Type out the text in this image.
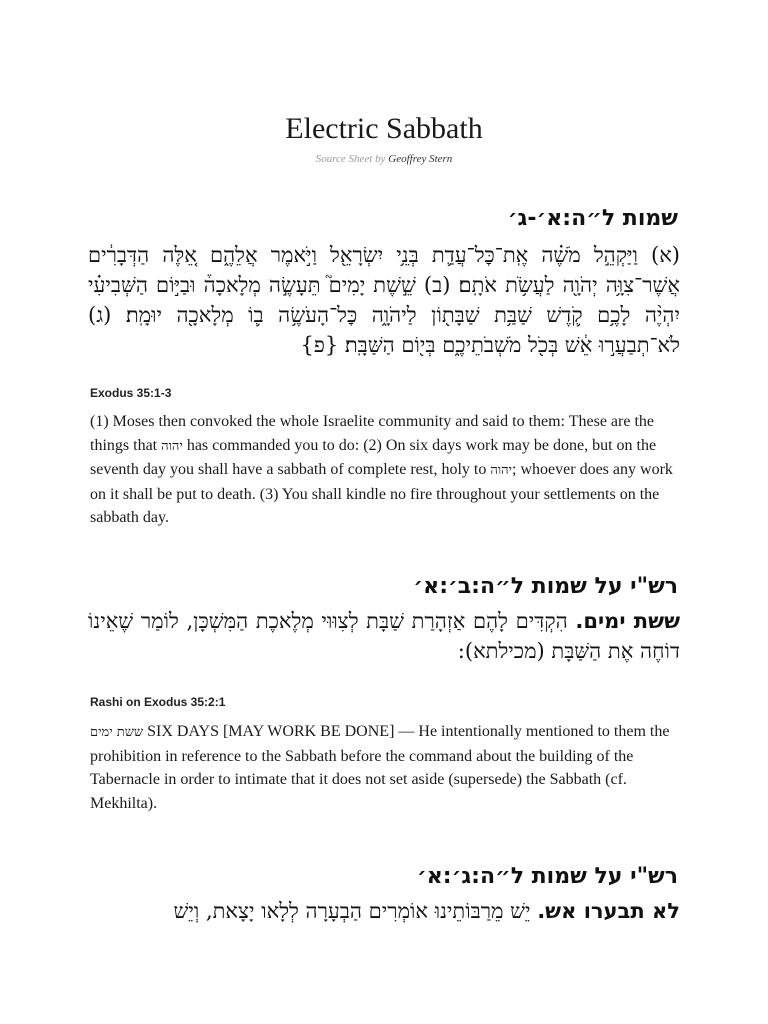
Electric Sabbath
Source Sheet by Geoffrey Stern
שמות ל״ה:א׳-ג׳
(א) וַיַּקְהֵ֣ל מֹשֶׁ֗ה אֶֽת־כׇּל־עֲדַ֛ת בְּנֵ֥י יִשְׂרָאֵ֖ל וַיֹּ֣אמֶר אֲלֵהֶ֑ם אֵ֚לֶּה הַדְּבָרִ֔ים אֲשֶׁר־צִוָּ֥ה יְהֹוָ֖ה לַעֲשֹׂ֥ת אֹתָֽם׃ (ב) שֵׁ֣שֶׁת יָמִים֮ תֵּעָשֶׂ֣ה מְלָאכָה֒ וּבַיּ֣וֹם הַשְּׁבִיעִ֗י יִהְיֶ֨ה לָכֶ֥ם קֹ֛דֶשׁ שַׁבַּ֥ת שַׁבָּת֖וֹן לַיהֹוָ֑ה כׇּל־הָעֹשֶׂ֥ה ב֛וֹ מְלָאכָ֖ה יוּמָֽת׃ (ג) לֹא־תְבַעֲר֣וּ אֵ֔שׁ בְּכֹ֖ל מֹשְׁבֹתֵיכֶ֑ם בְּי֖וֹם הַשַּׁבָּֽת׃ {פ}
Exodus 35:1-3
(1) Moses then convoked the whole Israelite community and said to them: These are the things that יהוה has commanded you to do: (2) On six days work may be done, but on the seventh day you shall have a sabbath of complete rest, holy to יהוה; whoever does any work on it shall be put to death. (3) You shall kindle no fire throughout your settlements on the sabbath day.
רש"י על שמות ל״ה:ב׳:א׳
ששת ימים. הִקְדִּים לָהֶם אַזְהָרַת שַׁבָּת לְצִוּוּי מְלֶאכֶת הַמִּשְׁכָּן, לוֹמַר שֶׁאֵינוֹ דוֹחֶה אֶת הַשַּׁבָּת (מכילתא):
Rashi on Exodus 35:2:1
ששת ימים SIX DAYS [MAY WORK BE DONE] — He intentionally mentioned to them the prohibition in reference to the Sabbath before the command about the building of the Tabernacle in order to intimate that it does not set aside (supersede) the Sabbath (cf. Mekhilta).
רש"י על שמות ל״ה:ג׳:א׳
לא תבערו אש. יֵשׁ מֵרַבּוֹתֵינוּ אוֹמְרִים הַבְעָרָה לְלָאו יָצָאת, וְיֵשׁ
